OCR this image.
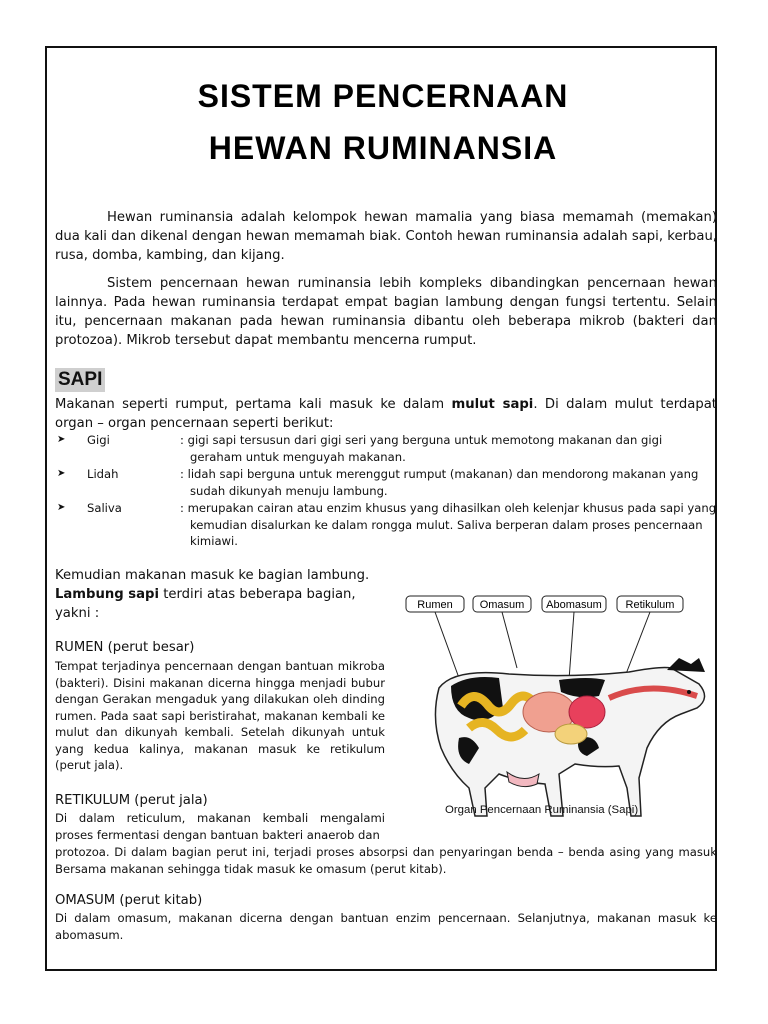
SISTEM PENCERNAAN
HEWAN RUMINANSIA

Hewan ruminansia adalah kelompok hewan mamalia yang biasa memamah (memakan) dua kali dan dikenal dengan hewan memamah biak. Contoh hewan ruminansia adalah sapi, kerbau, rusa, domba, kambing, dan kijang.

Sistem pencernaan hewan ruminansia lebih kompleks dibandingkan pencernaan hewan lainnya. Pada hewan ruminansia terdapat empat bagian lambung dengan fungsi tertentu. Selain itu, pencernaan makanan pada hewan ruminansia dibantu oleh beberapa mikrob (bakteri dan protozoa). Mikrob tersebut dapat membantu mencerna rumput.

SAPI

Makanan seperti rumput, pertama kali masuk ke dalam mulut sapi. Di dalam mulut terdapat organ – organ pencernaan seperti berikut:

➤ Gigi	: gigi sapi tersusun dari gigi seri yang berguna untuk memotong makanan dan gigi geraham untuk menguyah makanan.
➤ Lidah	: lidah sapi berguna untuk merenggut rumput (makanan) dan mendorong makanan yang sudah dikunyah menuju lambung.
➤ Saliva	: merupakan cairan atau enzim khusus yang dihasilkan oleh kelenjar khusus pada sapi yang kemudian disalurkan ke dalam rongga mulut. Saliva berperan dalam proses pencernaan kimiawi.

Kemudian makanan masuk ke bagian lambung.
Lambung sapi terdiri atas beberapa bagian, yakni :

RUMEN (perut besar)

Tempat terjadinya pencernaan dengan bantuan mikroba (bakteri). Disini makanan dicerna hingga menjadi bubur dengan Gerakan mengaduk yang dilakukan oleh dinding rumen. Pada saat sapi beristirahat, makanan kembali ke mulut dan dikunyah kembali. Setelah dikunyah untuk yang kedua kalinya, makanan masuk ke retikulum (perut jala).

RETIKULUM (perut jala)

Di dalam reticulum, makanan kembali mengalami proses fermentasi dengan bantuan bakteri anaerob dan

protozoa. Di dalam bagian perut ini, terjadi proses absorpsi dan penyaringan benda – benda asing yang masuk Bersama makanan sehingga tidak masuk ke omasum (perut kitab).

OMASUM (perut kitab)

Di dalam omasum, makanan dicerna dengan bantuan enzim pencernaan. Selanjutnya, makanan masuk ke abomasum.

Rumen Omasum Abomasum Retikulum
Organ Pencernaan Ruminansia (Sapi)
